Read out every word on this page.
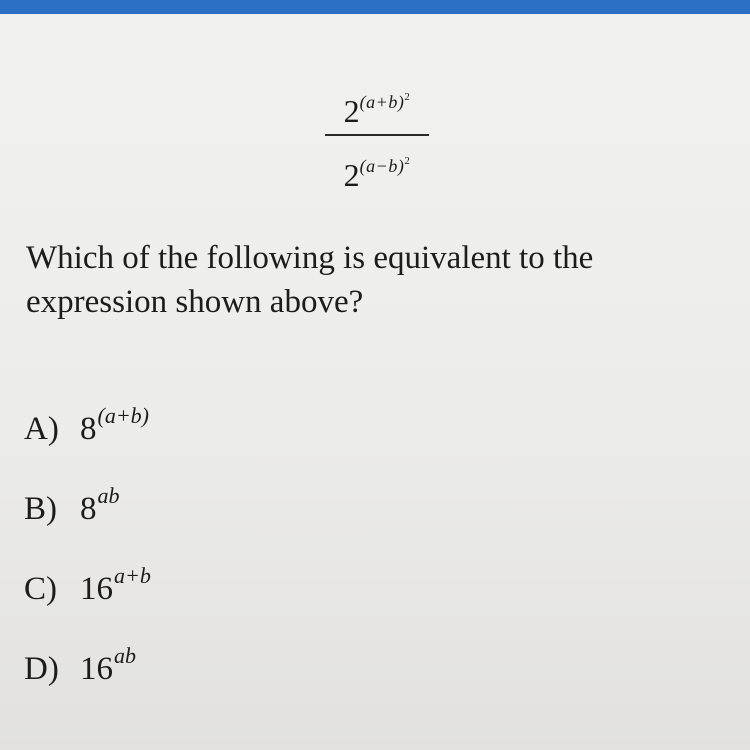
$2^{(a+b)^2}$
$2^{(a-b)^2}$
Which of the following is equivalent to the
expression shown above?
A) $8^{(a+b)}$
B) $8^{ab}$
C) $16^{a+b}$
D) $16^{ab}$
